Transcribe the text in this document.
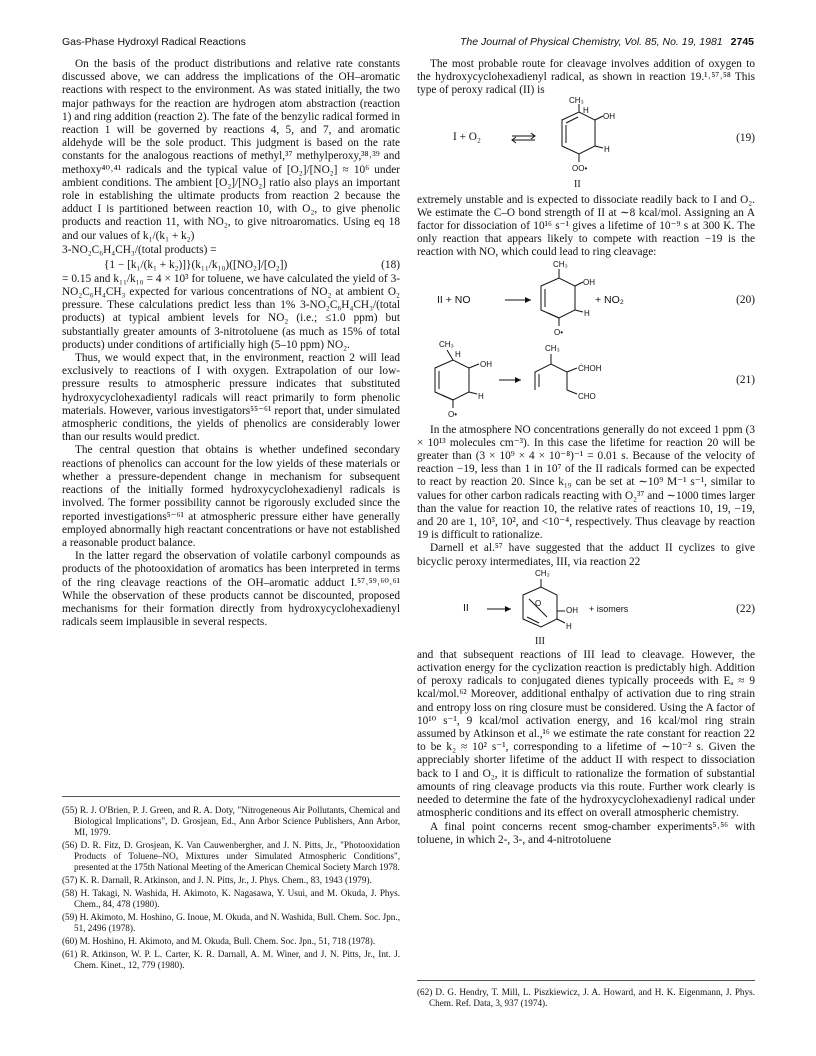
Gas-Phase Hydroxyl Radical Reactions	The Journal of Physical Chemistry, Vol. 85, No. 19, 1981 2745

On the basis of the product distributions and relative rate constants discussed above, we can address the implications of the OH–aromatic reactions with respect to the environment. As was stated initially, the two major pathways for the reaction are hydrogen atom abstraction (reaction 1) and ring addition (reaction 2). The fate of the benzylic radical formed in reaction 1 will be governed by reactions 4, 5, and 7, and aromatic aldehyde will be the sole product. This judgment is based on the rate constants for the analogous reactions of methyl,³⁷ methylperoxy,³⁸˒³⁹ and methoxy⁴⁰˒⁴¹ radicals and the typical value of [O₂]/[NO₂] ≈ 10⁶ under ambient conditions. The ambient [O₂]/[NO₂] ratio also plays an important role in establishing the ultimate products from reaction 2 because the adduct I is partitioned between reaction 10, with O₂, to give phenolic products and reaction 11, with NO₂, to give nitroaromatics. Using eq 18 and our values of k₁/(k₁ + k₂)

3-NO₂C₆H₄CH₃/(total products) =
{1 − [k₁/(k₁ + k₂)]}(k₁₁/k₁₀)([NO₂]/[O₂])	(18)

= 0.15 and k₁₁/k₁₀ = 4 × 10³ for toluene, we have calculated the yield of 3-NO₂C₆H₄CH₃ expected for various concentrations of NO₂ at ambient O₂ pressure. These calculations predict less than 1% 3-NO₂C₆H₄CH₃/(total products) at typical ambient levels for NO₂ (i.e.; ≤1.0 ppm) but substantially greater amounts of 3-nitrotoluene (as much as 15% of total products) under conditions of artificially high (5–10 ppm) NO₂.

Thus, we would expect that, in the environment, reaction 2 will lead exclusively to reactions of I with oxygen. Extrapolation of our low-pressure results to atmospheric pressure indicates that substituted hydroxycyclohexadientyl radicals will react primarily to form phenolic materials. However, various investigators⁵⁵⁻⁶¹ report that, under simulated atmospheric conditions, the yields of phenolics are considerably lower than our results would predict.

The central question that obtains is whether undefined secondary reactions of phenolics can account for the low yields of these materials or whether a pressure-dependent change in mechanism for subsequent reactions of the initially formed hydroxycyclohexadienyl radicals is involved. The former possibility cannot be rigorously excluded since the reported investigations⁵⁻⁶¹ at atmospheric pressure either have generally employed abnormally high reactant concentrations or have not established a reasonable product balance.

In the latter regard the observation of volatile carbonyl compounds as products of the photooxidation of aromatics has been interpreted in terms of the ring cleavage reactions of the OH–aromatic adduct I.⁵⁷˒⁵⁹˒⁶⁰˒⁶¹ While the observation of these products cannot be discounted, proposed mechanisms for their formation directly from hydroxycyclohexadienyl radicals seem implausible in several respects.

(55) R. J. O'Brien, P. J. Green, and R. A. Doty, "Nitrogeneous Air Pollutants, Chemical and Biological Implications", D. Grosjean, Ed., Ann Arbor Science Publishers, Ann Arbor, MI, 1979.
(56) D. R. Fitz, D. Grosjean, K. Van Cauwenbergher, and J. N. Pitts, Jr., "Photooxidation Products of Toluene–NOₓ Mixtures under Simulated Atmospheric Conditions", presented at the 175th National Meeting of the American Chemical Society March 1978.
(57) K. R. Darnall, R. Atkinson, and J. N. Pitts, Jr., J. Phys. Chem., 83, 1943 (1979).
(58) H. Takagi, N. Washida, H. Akimoto, K. Nagasawa, Y. Usui, and M. Okuda, J. Phys. Chem., 84, 478 (1980).
(59) H. Akimoto, M. Hoshino, G. Inoue, M. Okuda, and N. Washida, Bull. Chem. Soc. Jpn., 51, 2496 (1978).
(60) M. Hoshino, H. Akimoto, and M. Okuda, Bull. Chem. Soc. Jpn., 51, 718 (1978).
(61) R. Atkinson, W. P. L. Carter, K. R. Darnall, A. M. Winer, and J. N. Pitts, Jr., Int. J. Chem. Kinet., 12, 779 (1980).

The most probable route for cleavage involves addition of oxygen to the hydroxycyclohexadienyl radical, as shown in reaction 19.¹˒⁵⁷˒⁵⁸ This type of peroxy radical (II) is

I + O₂
CH₃
H
OH
H
OO•
II
(19)

extremely unstable and is expected to dissociate readily back to I and O₂. We estimate the C–O bond strength of II at ∼8 kcal/mol. Assigning an A factor for dissociation of 10¹⁶ s⁻¹ gives a lifetime of 10⁻⁹ s at 300 K. The only reaction that appears likely to compete with reaction −19 is the reaction with NO, which could lead to ring cleavage:

II + NO
CH₃
OH
H
+ NO₂
O•
(20)
CH₃
H
OH
H
O•
CH₃
ĊHOH
CHO
(21)

In the atmosphere NO concentrations generally do not exceed 1 ppm (3 × 10¹³ molecules cm⁻³). In this case the lifetime for reaction 20 will be greater than (3 × 10⁹ × 4 × 10⁻⁸)⁻¹ = 0.01 s. Because of the velocity of reaction −19, less than 1 in 10⁷ of the II radicals formed can be expected to react by reaction 20. Since k₁₉ can be set at ∼10⁹ M⁻¹ s⁻¹, similar to values for other carbon radicals reacting with O₂³⁷ and ∼1000 times larger than the value for reaction 10, the relative rates of reactions 10, 19, −19, and 20 are 1, 10³, 10², and <10⁻⁴, respectively. Thus cleavage by reaction 19 is difficult to rationalize.

Darnell et al.⁵⁷ have suggested that the adduct II cyclizes to give bicyclic peroxy intermediates, III, via reaction 22

II
CH₃
O
OH
H
+ isomers
III
(22)

and that subsequent reactions of III lead to cleavage. However, the activation energy for the cyclization reaction is predictably high. Addition of peroxy radicals to conjugated dienes typically proceeds with Eₐ ≈ 9 kcal/mol.⁶² Moreover, additional enthalpy of activation due to ring strain and entropy loss on ring closure must be considered. Using the A factor of 10¹⁰ s⁻¹, 9 kcal/mol activation energy, and 16 kcal/mol ring strain assumed by Atkinson et al.,¹⁶ we estimate the rate constant for reaction 22 to be k₂ ≈ 10² s⁻¹, corresponding to a lifetime of ∼10⁻² s. Given the appreciably shorter lifetime of the adduct II with respect to dissociation back to I and O₂, it is difficult to rationalize the formation of substantial amounts of ring cleavage products via this route. Further work clearly is needed to determine the fate of the hydroxycyclohexadienyl radical under atmospheric conditions and its effect on overall atmospheric chemistry.

A final point concerns recent smog-chamber experiments⁵˒⁵⁶ with toluene, in which 2-, 3-, and 4-nitrotoluene

(62) D. G. Hendry, T. Mill, L. Piszkiewicz, J. A. Howard, and H. K. Eigenmann, J. Phys. Chem. Ref. Data, 3, 937 (1974).
